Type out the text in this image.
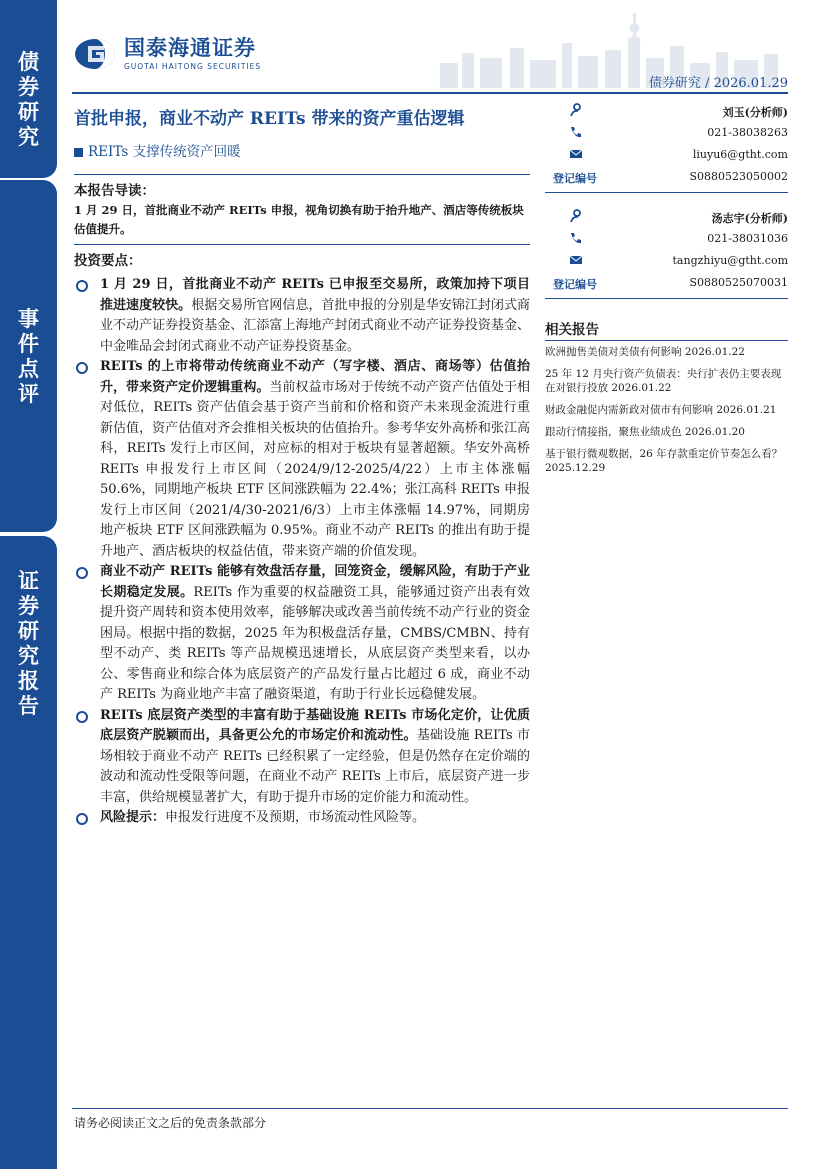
债
券
研
究
事
件
点
评
证
券
研
究
报
告
国泰海通证券
GUOTAI HAITONG SECURITIES
债券研究 / 2026.01.29
首批申报，商业不动产 REITs 带来的资产重估逻辑
REITs 支撑传统资产回暖
本报告导读：
1 月 29 日，首批商业不动产 REITs 申报，视角切换有助于抬升地产、酒店等传统板块估值提升。
投资要点：
1 月 29 日，首批商业不动产 REITs 已申报至交易所，政策加持下项目推进速度较快。根据交易所官网信息，首批申报的分别是华安锦江封闭式商业不动产证券投资基金、汇添富上海地产封闭式商业不动产证券投资基金、中金唯品会封闭式商业不动产证券投资基金。
REITs 的上市将带动传统商业不动产（写字楼、酒店、商场等）估值抬升，带来资产定价逻辑重构。当前权益市场对于传统不动产资产估值处于相对低位，REITs 资产估值会基于资产当前和价格和资产未来现金流进行重新估值，资产估值对齐会推相关板块的估值抬升。参考华安外高桥和张江高科，REITs 发行上市区间，对应标的相对于板块有显著超额。华安外高桥 REITs 申报发行上市区间（2024/9/12-2025/4/22）上市主体涨幅 50.6%，同期地产板块 ETF 区间涨跌幅为 22.4%；张江高科 REITs 申报发行上市区间（2021/4/30-2021/6/3）上市主体涨幅 14.97%，同期房地产板块 ETF 区间涨跌幅为 0.95%。商业不动产 REITs 的推出有助于提升地产、酒店板块的权益估值，带来资产端的价值发现。
商业不动产 REITs 能够有效盘活存量，回笼资金，缓解风险，有助于产业长期稳定发展。REITs 作为重要的权益融资工具，能够通过资产出表有效提升资产周转和资本使用效率，能够解决或改善当前传统不动产行业的资金困局。根据中指的数据，2025 年为积极盘活存量，CMBS/CMBN、持有型不动产、类 REITs 等产品规模迅速增长，从底层资产类型来看，以办公、零售商业和综合体为底层资产的产品发行量占比超过 6 成，商业不动产 REITs 为商业地产丰富了融资渠道，有助于行业长远稳健发展。
REITs 底层资产类型的丰富有助于基础设施 REITs 市场化定价，让优质底层资产脱颖而出，具备更公允的市场定价和流动性。基础设施 REITs 市场相较于商业不动产 REITs 已经积累了一定经验，但是仍然存在定价端的波动和流动性受限等问题，在商业不动产 REITs 上市后，底层资产进一步丰富，供给规模显著扩大，有助于提升市场的定价能力和流动性。
风险提示：申报发行进度不及预期，市场流动性风险等。
刘玉(分析师)
021-38038263
liuyu6@gtht.com
登记编号	S0880523050002
汤志宇(分析师)
021-38031036
tangzhiyu@gtht.com
登记编号	S0880525070031
相关报告
欧洲抛售美债对美债有何影响 2026.01.22
25 年 12 月央行资产负债表：央行扩表仍主要表现在对银行投放 2026.01.22
财政金融促内需新政对债市有何影响 2026.01.21
跟动行情接指，聚焦业绩成色 2026.01.20
基于银行微观数据，26 年存款重定价节奏怎么看？ 2025.12.29
请务必阅读正文之后的免责条款部分
